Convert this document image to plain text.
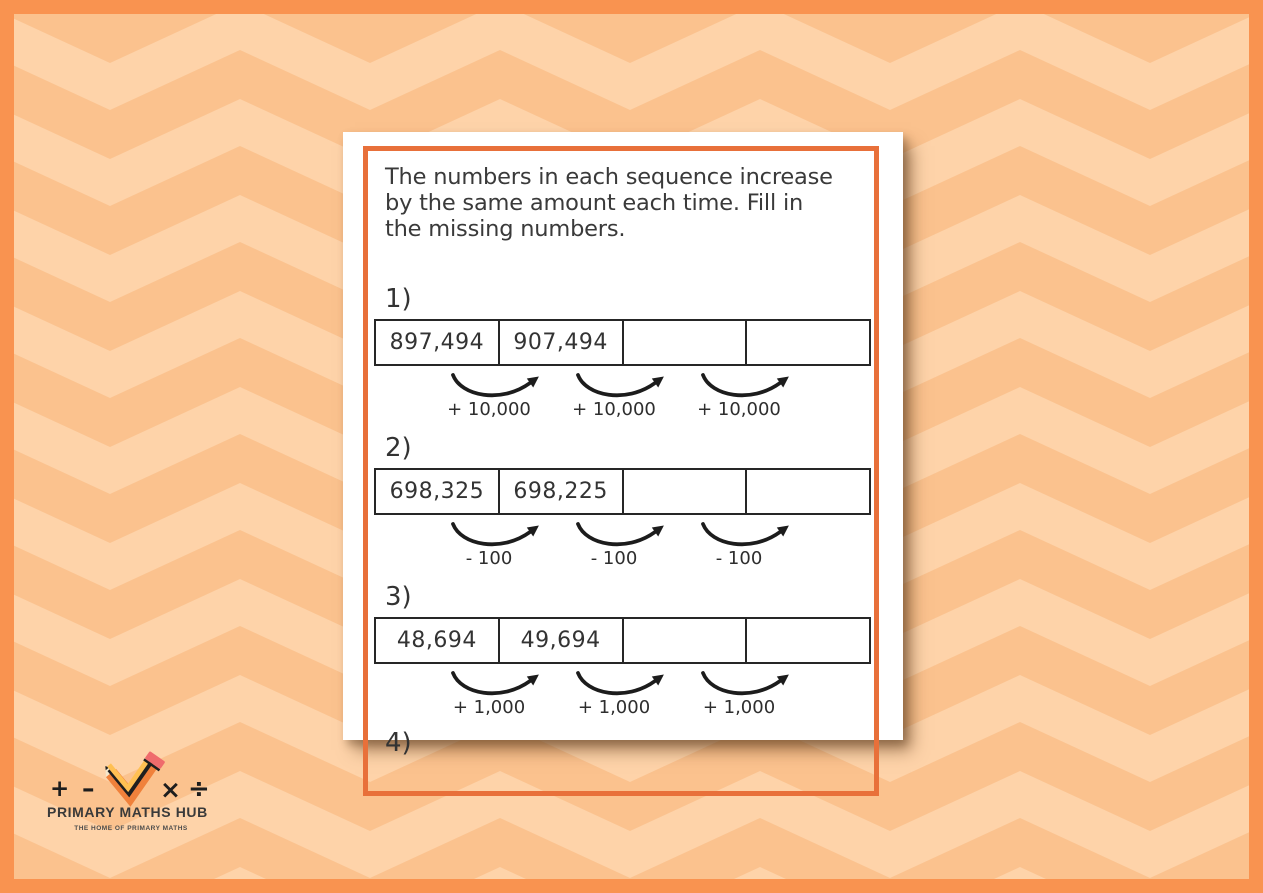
The numbers in each sequence increase
by the same amount each time. Fill in
the missing numbers.
1)
897,494	907,494
+ 10,000	+ 10,000	+ 10,000
2)
698,325	698,225
- 100	- 100	- 100
3)
48,694	49,694
+ 1,000	+ 1,000	+ 1,000
4)
+ –	× ÷
PRIMARY MATHS HUB
THE HOME OF PRIMARY MATHS
